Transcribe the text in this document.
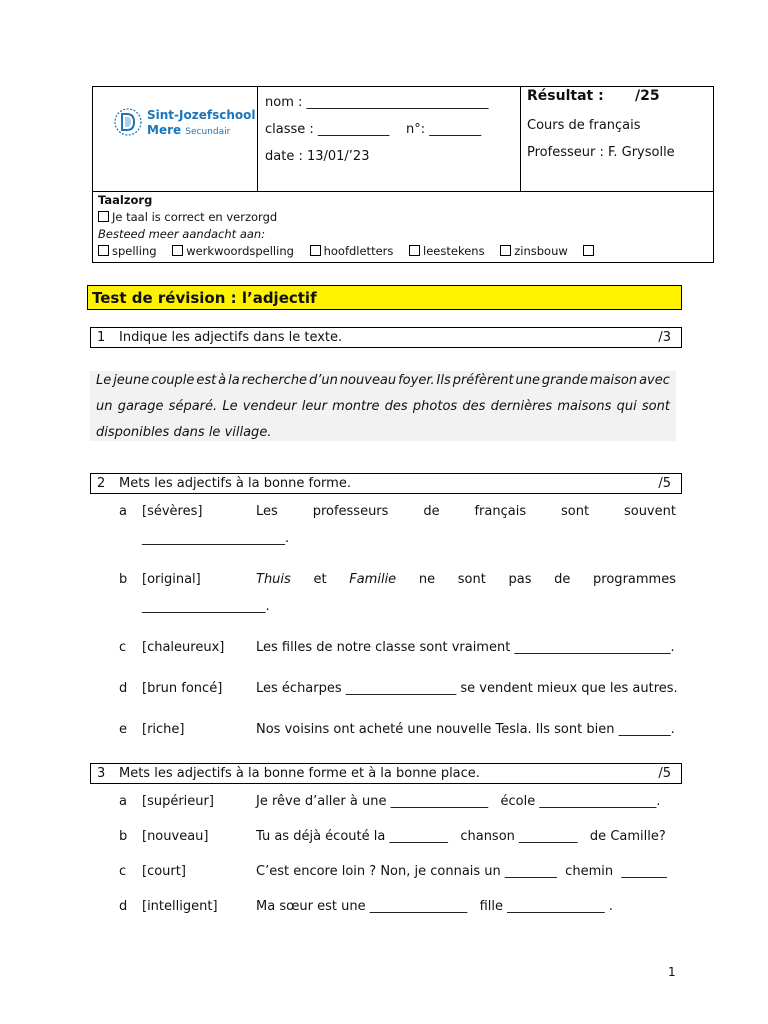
Sint-Jozefschool
Mere Secundair
nom : ____________________________
classe : ___________ n°: ________
date : 13/01/’23
Résultat : /25
Cours de français
Professeur : F. Grysolle
Taalzorg
Je taal is correct en verzorgd
Besteed meer aandacht aan:
spelling	werkwoordspelling	hoofdletters	leestekens	zinsbouw
Test de révision : l’adjectif
1 Indique les adjectifs dans le texte.	/3
Le jeune couple est à la recherche d’un nouveau foyer. Ils préfèrent une grande maison avec
un garage séparé. Le vendeur leur montre des photos des dernières maisons qui sont
disponibles dans le village.
2 Mets les adjectifs à la bonne forme.	/5
a [sévères]	Les	professeurs	de	français	sont	souvent
______________________.
b [original]	Thuis et Familie ne sont pas de programmes
___________________.
c [chaleureux] Les filles de notre classe sont vraiment ________________________.
d [brun foncé]	Les écharpes _________________ se vendent mieux que les autres.
e [riche]	Nos voisins ont acheté une nouvelle Tesla. Ils sont bien ________.
3 Mets les adjectifs à la bonne forme et à la bonne place.	/5
a [supérieur]	Je rêve d’aller à une _______________   école __________________.
b [nouveau]	Tu as déjà écouté la _________   chanson _________   de Camille?
c [court]	C’est encore loin ? Non, je connais un ________  chemin  _______
d [intelligent]	Ma sœur est une _______________   fille _______________ .
1
